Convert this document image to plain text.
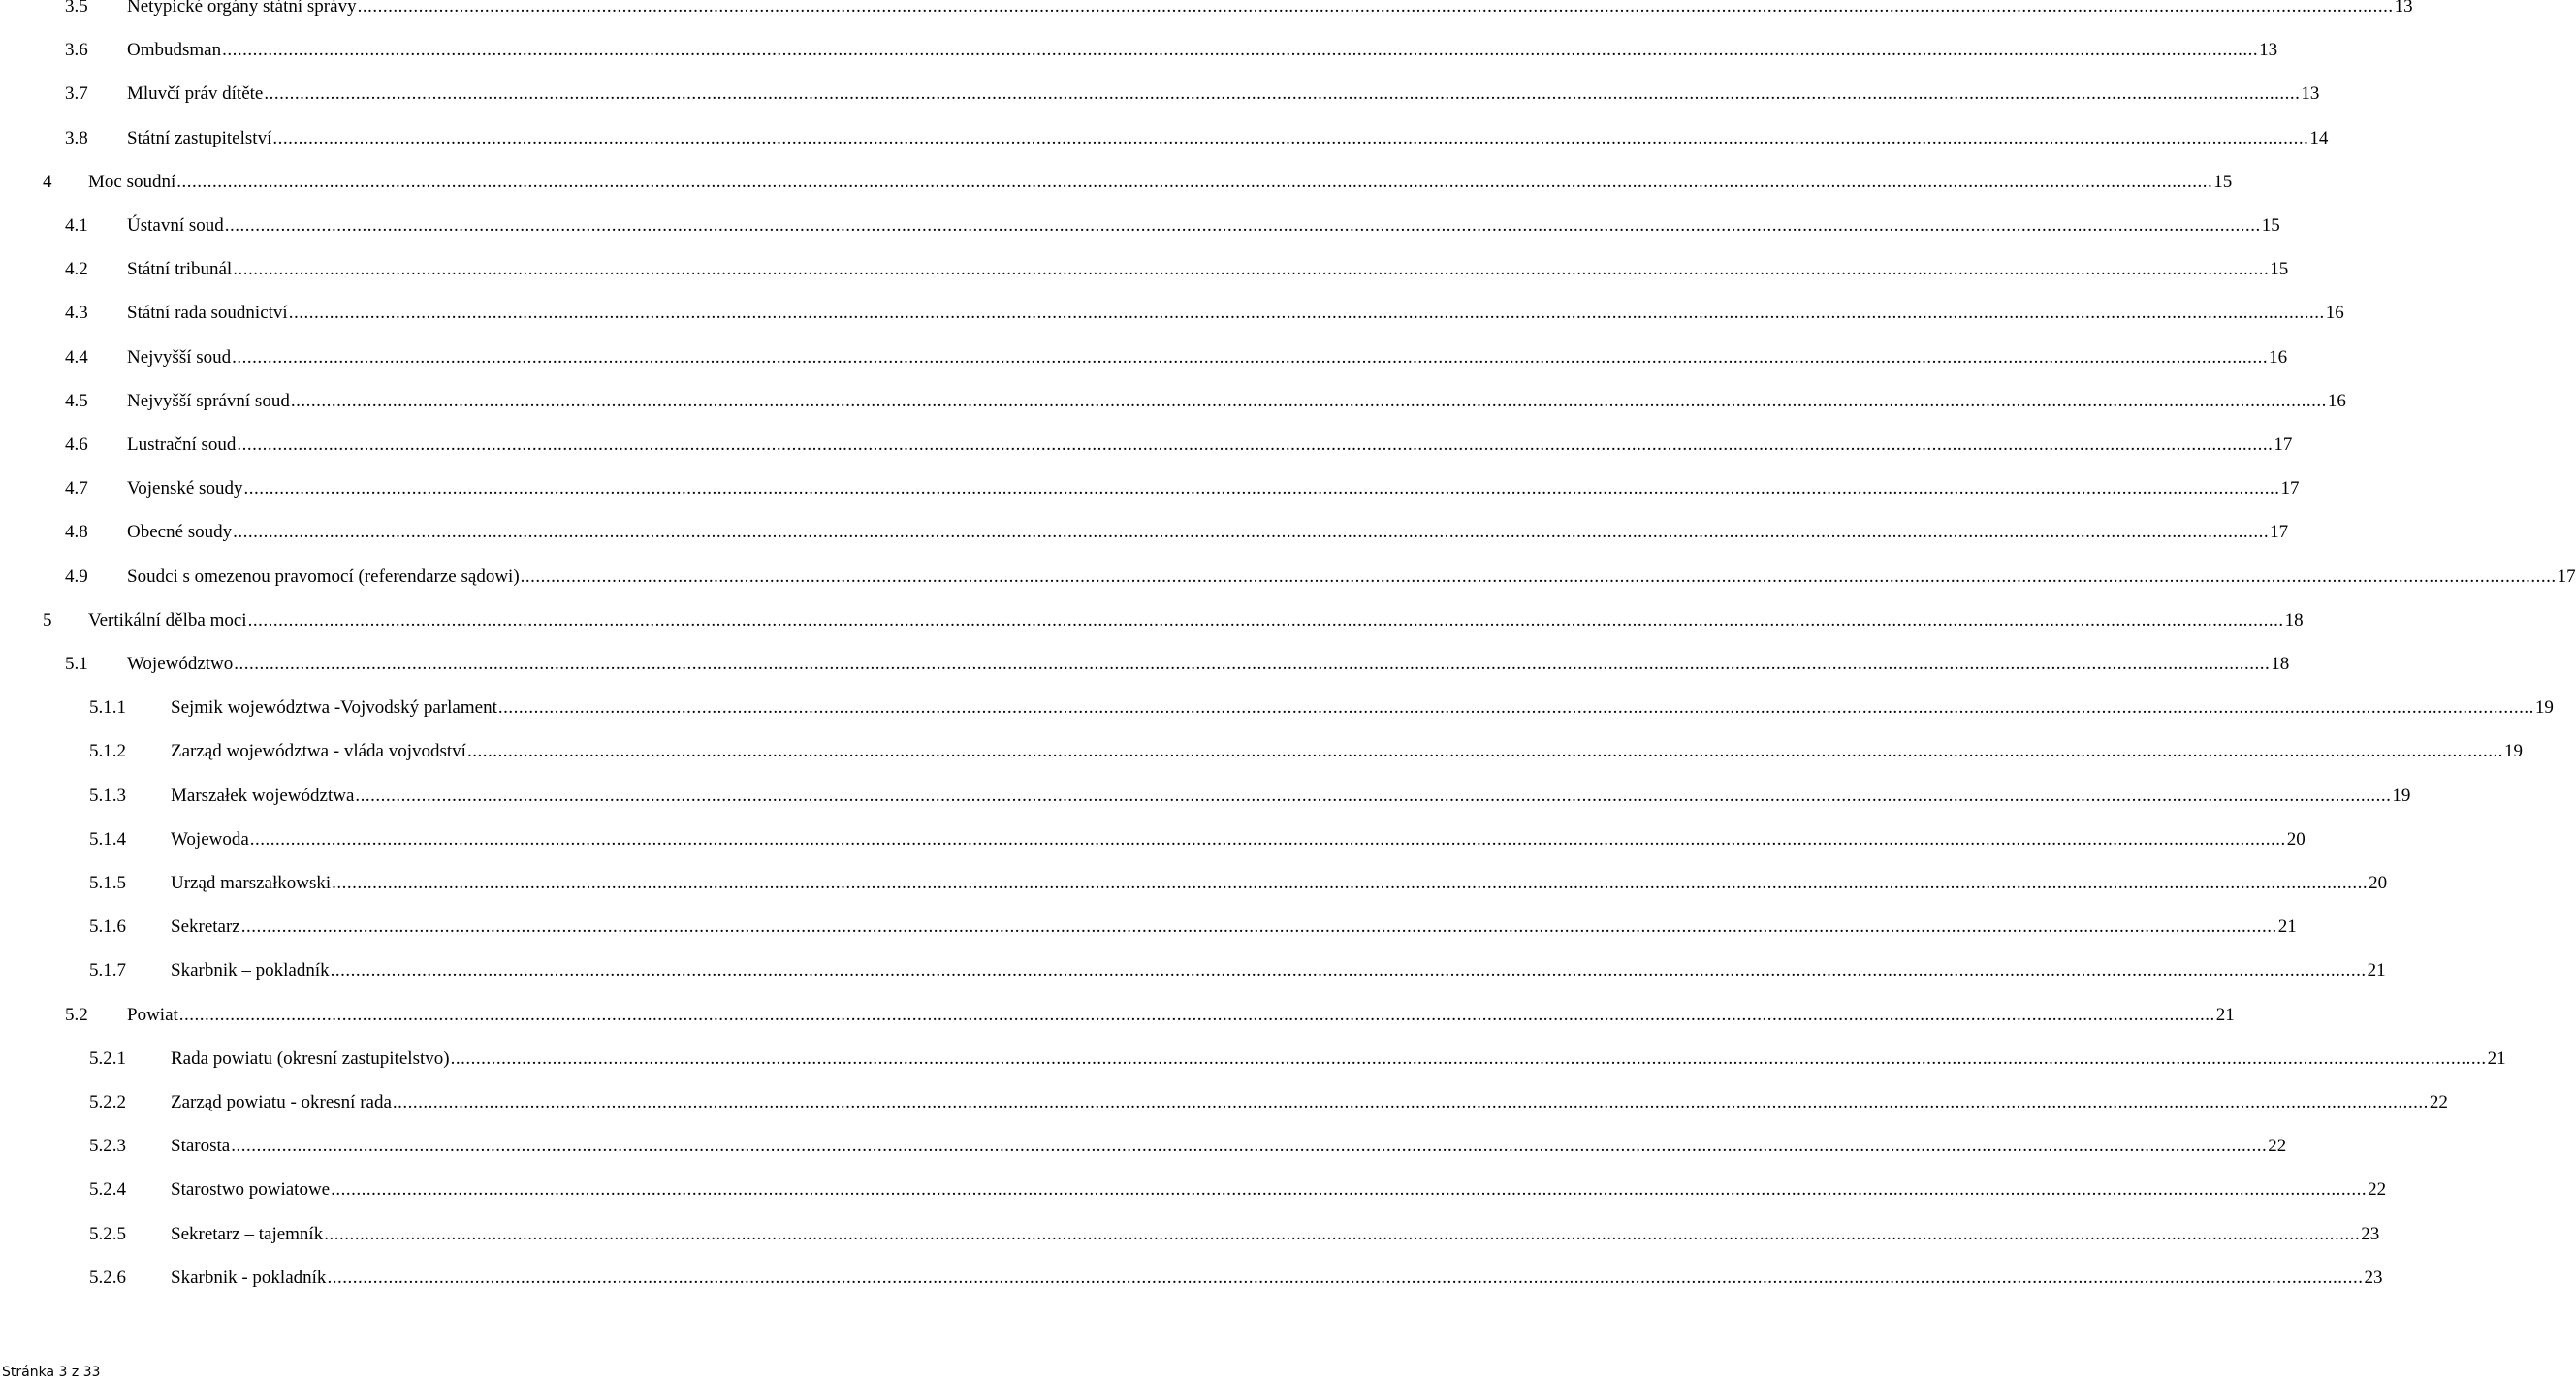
3.5 Netypické orgány státní správy ................................................................................................................................................................................................................................................................................................................................................................................................................ 13
3.6 Ombudsman ................................................................................................................................................................................................................................................................................................................................................................................................................ 13
3.7 Mluvčí práv dítěte ................................................................................................................................................................................................................................................................................................................................................................................................................ 13
3.8 Státní zastupitelství ................................................................................................................................................................................................................................................................................................................................................................................................................ 14
4 Moc soudní ................................................................................................................................................................................................................................................................................................................................................................................................................ 15
4.1 Ústavní soud ................................................................................................................................................................................................................................................................................................................................................................................................................ 15
4.2 Státní tribunál ................................................................................................................................................................................................................................................................................................................................................................................................................ 15
4.3 Státní rada soudnictví ................................................................................................................................................................................................................................................................................................................................................................................................................ 16
4.4 Nejvyšší soud ................................................................................................................................................................................................................................................................................................................................................................................................................ 16
4.5 Nejvyšší správní soud ................................................................................................................................................................................................................................................................................................................................................................................................................ 16
4.6 Lustrační soud ................................................................................................................................................................................................................................................................................................................................................................................................................ 17
4.7 Vojenské soudy ................................................................................................................................................................................................................................................................................................................................................................................................................ 17
4.8 Obecné soudy ................................................................................................................................................................................................................................................................................................................................................................................................................ 17
4.9 Soudci s omezenou pravomocí (referendarze sądowi) ................................................................................................................................................................................................................................................................................................................................................................................................................ 17
5 Vertikální dělba moci ................................................................................................................................................................................................................................................................................................................................................................................................................ 18
5.1 Województwo ................................................................................................................................................................................................................................................................................................................................................................................................................ 18
5.1.1 Sejmik województwa -Vojvodský parlament ................................................................................................................................................................................................................................................................................................................................................................................................................ 19
5.1.2 Zarząd województwa - vláda vojvodství ................................................................................................................................................................................................................................................................................................................................................................................................................ 19
5.1.3 Marszałek województwa ................................................................................................................................................................................................................................................................................................................................................................................................................ 19
5.1.4 Wojewoda ................................................................................................................................................................................................................................................................................................................................................................................................................ 20
5.1.5 Urząd marszałkowski ................................................................................................................................................................................................................................................................................................................................................................................................................ 20
5.1.6 Sekretarz ................................................................................................................................................................................................................................................................................................................................................................................................................ 21
5.1.7 Skarbnik – pokladník ................................................................................................................................................................................................................................................................................................................................................................................................................ 21
5.2 Powiat ................................................................................................................................................................................................................................................................................................................................................................................................................ 21
5.2.1 Rada powiatu (okresní zastupitelstvo) ................................................................................................................................................................................................................................................................................................................................................................................................................ 21
5.2.2 Zarząd powiatu - okresní rada ................................................................................................................................................................................................................................................................................................................................................................................................................ 22
5.2.3 Starosta ................................................................................................................................................................................................................................................................................................................................................................................................................ 22
5.2.4 Starostwo powiatowe ................................................................................................................................................................................................................................................................................................................................................................................................................ 22
5.2.5 Sekretarz – tajemník ................................................................................................................................................................................................................................................................................................................................................................................................................ 23
5.2.6 Skarbnik - pokladník ................................................................................................................................................................................................................................................................................................................................................................................................................ 23
Stránka 3 z 33
